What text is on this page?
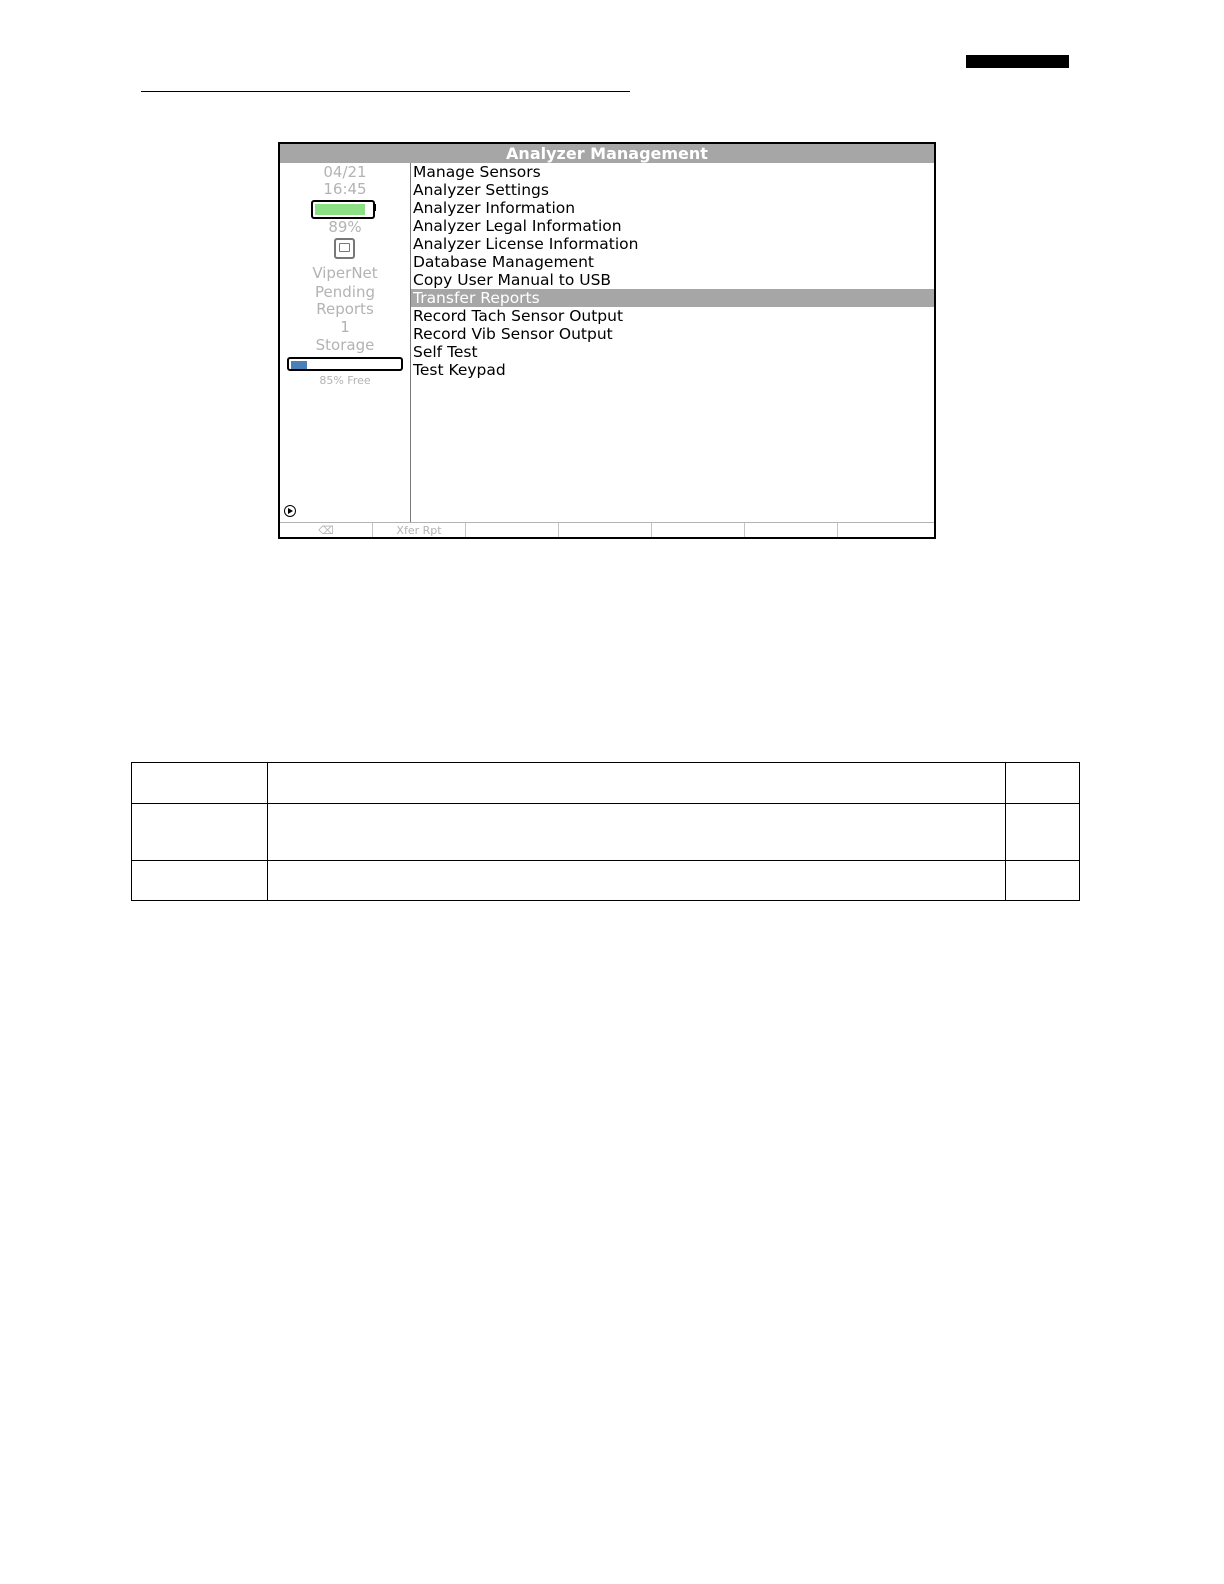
Analyzer Management
04/21
16:45
89%
ViperNet
Pending
Reports
1
Storage
85% Free
Manage Sensors
Analyzer Settings
Analyzer Information
Analyzer Legal Information
Analyzer License Information
Database Management
Copy User Manual to USB
Transfer Reports
Record Tach Sensor Output
Record Vib Sensor Output
Self Test
Test Keypad
⌫	Xfer Rpt
